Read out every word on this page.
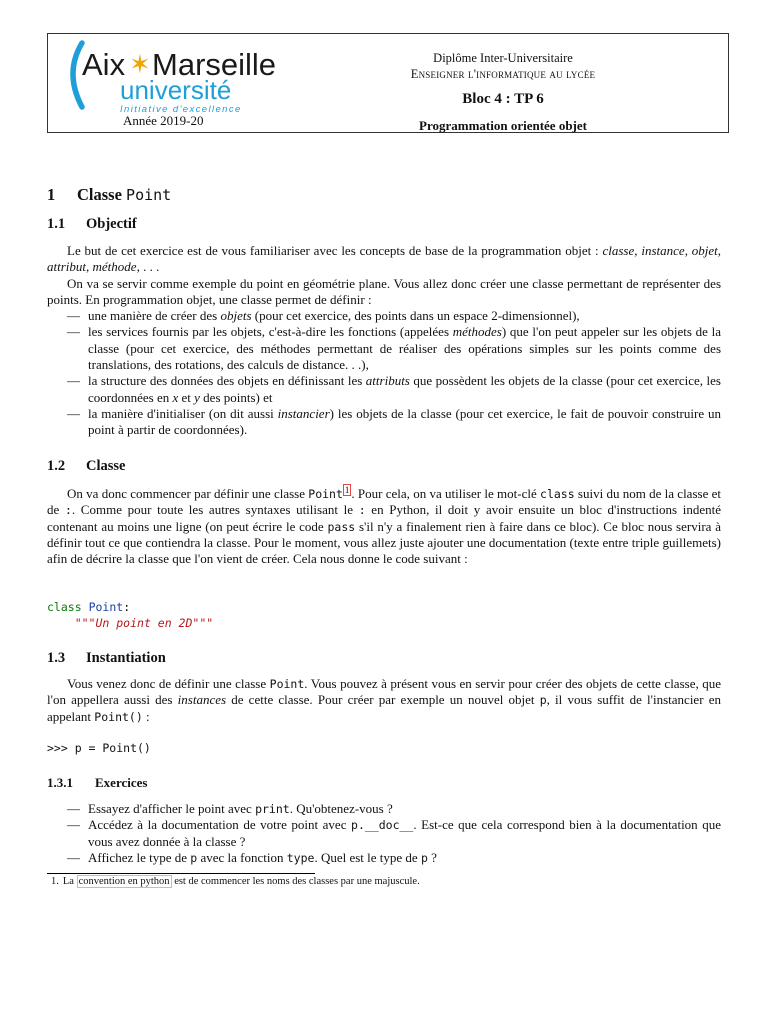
Aix ✶ Marseille
université
Initiative d'excellence
Année 2019-20
Diplôme Inter-Universitaire
Enseigner l'informatique au lycée
Bloc 4 : TP 6
Programmation orientée objet
1 Classe Point
1.1 Objectif

Le but de cet exercice est de vous familiariser avec les concepts de base de la programmation objet : classe, instance, objet, attribut, méthode, . . .

On va se servir comme exemple du point en géométrie plane. Vous allez donc créer une classe permettant de représenter des points. En programmation objet, une classe permet de définir :

— une manière de créer des objets (pour cet exercice, des points dans un espace 2-dimensionnel),
— les services fournis par les objets, c'est-à-dire les fonctions (appelées méthodes) que l'on peut appeler sur les objets de la classe (pour cet exercice, des méthodes permettant de réaliser des opérations simples sur les points comme des translations, des rotations, des calculs de distance. . .),
— la structure des données des objets en définissant les attributs que possèdent les objets de la classe (pour cet exercice, les coordonnées en x et y des points) et
— la manière d'initialiser (on dit aussi instancier) les objets de la classe (pour cet exercice, le fait de pouvoir construire un point à partir de coordonnées).
1.2 Classe

On va donc commencer par définir une classe Point $^1$ . Pour cela, on va utiliser le mot-clé class suivi du nom de la classe et de :. Comme pour toute les autres syntaxes utilisant le : en Python, il doit y avoir ensuite un bloc d'instructions indenté contenant au moins une ligne (on peut écrire le code pass s'il n'y a finalement rien à faire dans ce bloc). Ce bloc nous servira à définir tout ce que contiendra la classe. Pour le moment, vous allez juste ajouter une documentation (texte entre triple guillemets) afin de décrire la classe que l'on vient de créer. Cela nous donne le code suivant :

class Point:
"""Un point en 2D"""
1.3 Instantiation

Vous venez donc de définir une classe Point. Vous pouvez à présent vous en servir pour créer des objets de cette classe, que l'on appellera aussi des instances de cette classe. Pour créer par exemple un nouvel objet p, il vous suffit de l'instancier en appelant Point() :

>>> p = Point()
1.3.1 Exercices
— Essayez d'afficher le point avec print. Qu'obtenez-vous ?
— Accédez à la documentation de votre point avec p.__doc__. Est-ce que cela correspond bien à la documentation que vous avez donnée à la classe ?
— Affichez le type de p avec la fonction type. Quel est le type de p ?
1. La convention en python est de commencer les noms des classes par une majuscule.
